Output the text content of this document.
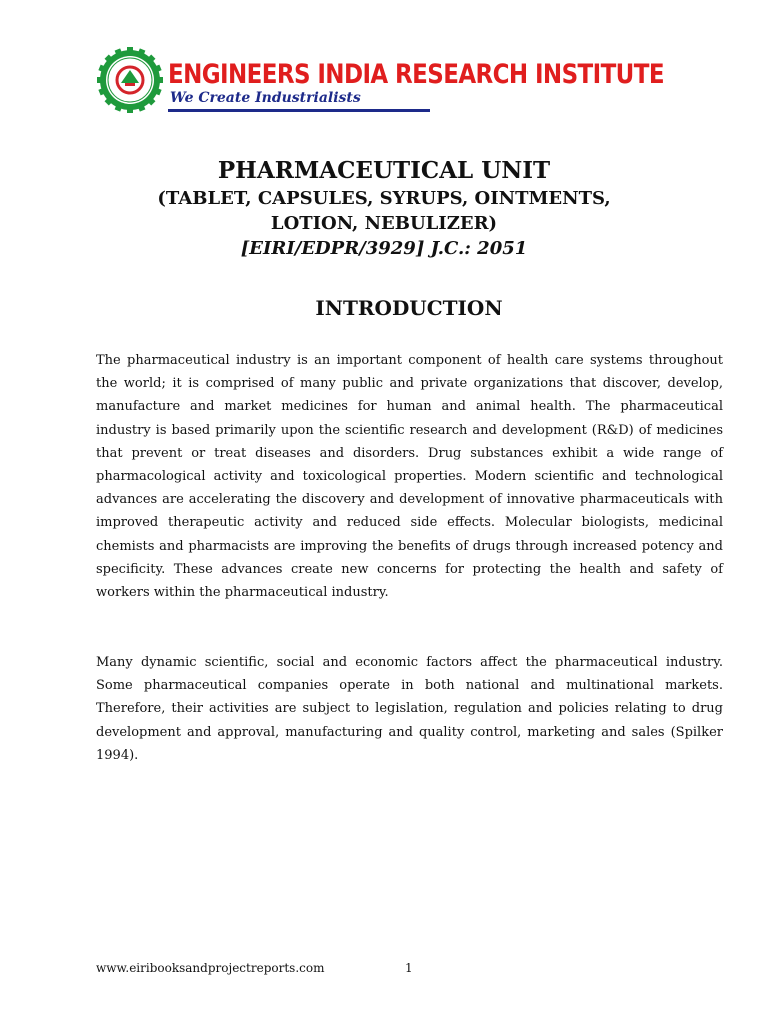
ENGINEERS INDIA RESEARCH INSTITUTE
We Create Industrialists
PHARMACEUTICAL UNIT
(TABLET, CAPSULES, SYRUPS, OINTMENTS,
LOTION, NEBULIZER)
[EIRI/EDPR/3929] J.C.: 2051
INTRODUCTION

The pharmaceutical industry is an important component of health care systems throughout the world; it is comprised of many public and private organizations that discover, develop, manufacture and market medicines for human and animal health. The pharmaceutical industry is based primarily upon the scientific research and development (R&D) of medicines that prevent or treat diseases and disorders. Drug substances exhibit a wide range of pharmacological activity and toxicological properties. Modern scientific and technological advances are accelerating the discovery and development of innovative pharmaceuticals with improved therapeutic activity and reduced side effects. Molecular biologists, medicinal chemists and pharmacists are improving the benefits of drugs through increased potency and specificity. These advances create new concerns for protecting the health and safety of workers within the pharmaceutical industry.

Many dynamic scientific, social and economic factors affect the pharmaceutical industry. Some pharmaceutical companies operate in both national and multinational markets. Therefore, their activities are subject to legislation, regulation and policies relating to drug development and approval, manufacturing and quality control, marketing and sales (Spilker 1994).

www.eiribooksandprojectreports.com	1
